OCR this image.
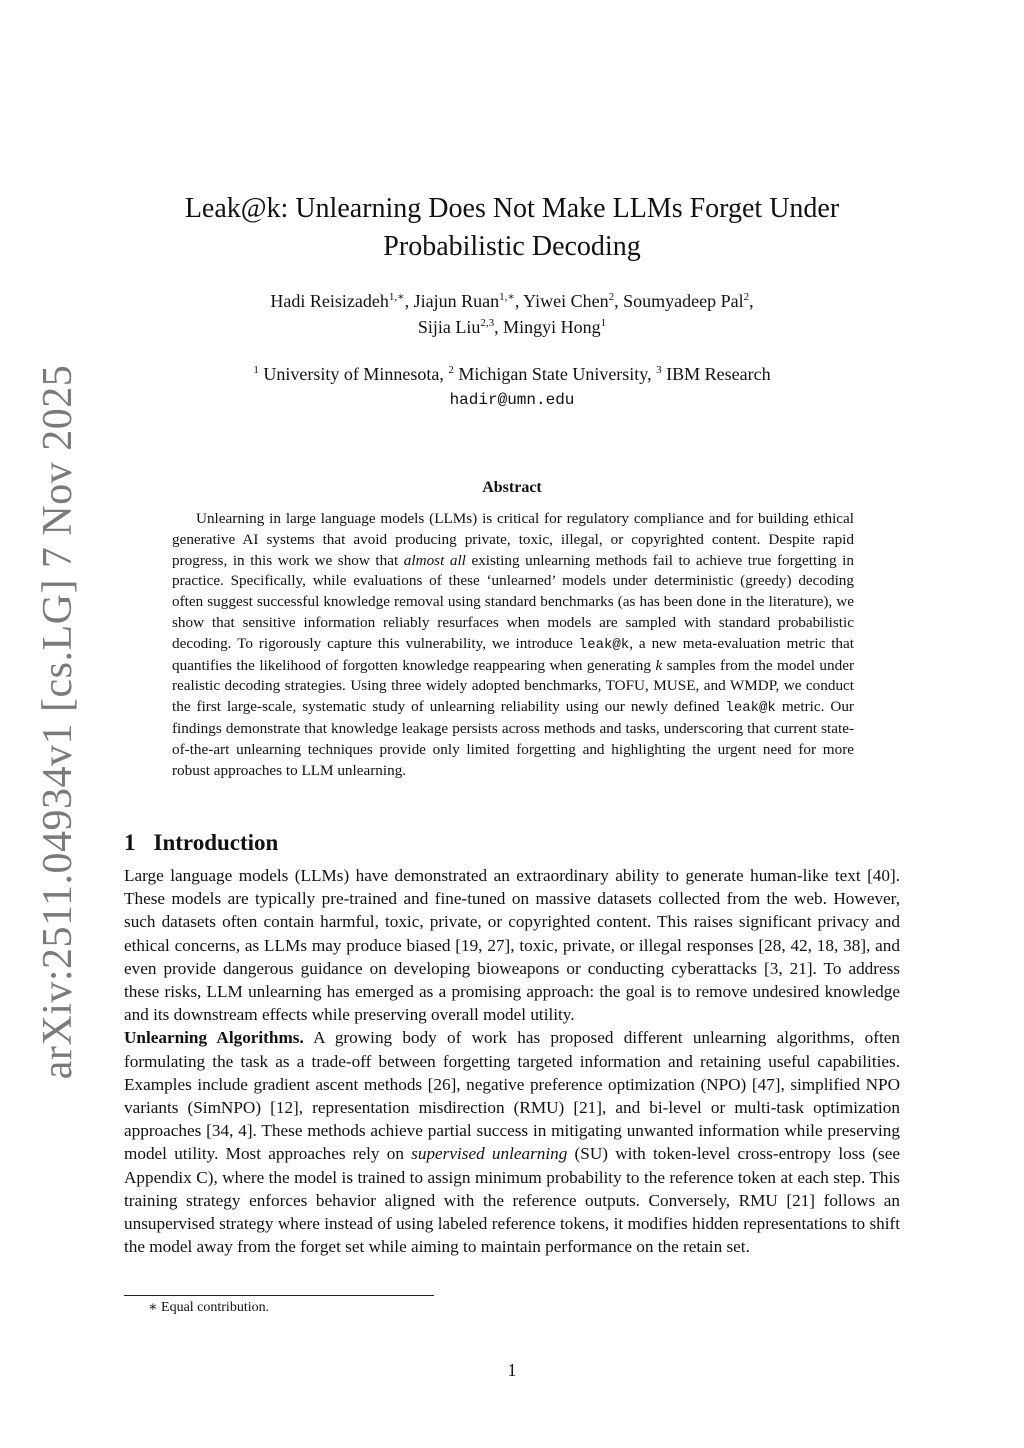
arXiv:2511.04934v1 [cs.LG] 7 Nov 2025
Leak@k: Unlearning Does Not Make LLMs Forget Under
Probabilistic Decoding
Hadi Reisizadeh$^{1,∗}$, Jiajun Ruan$^{1,∗}$, Yiwei Chen$^2$, Soumyadeep Pal$^2$,
Sijia Liu$^{2,3}$, Mingyi Hong$^1$
$^1$ University of Minnesota, $^2$ Michigan State University, $^3$ IBM Research
hadir@umn.edu
Abstract

Unlearning in large language models (LLMs) is critical for regulatory compliance and for building ethical generative AI systems that avoid producing private, toxic, illegal, or copyrighted content. Despite rapid progress, in this work we show that almost all existing unlearning methods fail to achieve true forgetting in practice. Specifically, while evaluations of these ‘unlearned’ models under deterministic (greedy) decoding often suggest successful knowledge removal using standard benchmarks (as has been done in the literature), we show that sensitive information reliably resurfaces when models are sampled with standard probabilistic decoding. To rigorously capture this vulnerability, we introduce leak@k, a new meta-evaluation metric that quantifies the likelihood of forgotten knowledge reappearing when generating k samples from the model under realistic decoding strategies. Using three widely adopted benchmarks, TOFU, MUSE, and WMDP, we conduct the first large-scale, systematic study of unlearning reliability using our newly defined leak@k metric. Our findings demonstrate that knowledge leakage persists across methods and tasks, underscoring that current state-of-the-art unlearning techniques provide only limited forgetting and highlighting the urgent need for more robust approaches to LLM unlearning.

1 Introduction

Large language models (LLMs) have demonstrated an extraordinary ability to generate human-like text [40]. These models are typically pre-trained and fine-tuned on massive datasets collected from the web. However, such datasets often contain harmful, toxic, private, or copyrighted content. This raises significant privacy and ethical concerns, as LLMs may produce biased [19, 27], toxic, private, or illegal responses [28, 42, 18, 38], and even provide dangerous guidance on developing bioweapons or conducting cyberattacks [3, 21]. To address these risks, LLM unlearning has emerged as a promising approach: the goal is to remove undesired knowledge and its downstream effects while preserving overall model utility.
Unlearning Algorithms. A growing body of work has proposed different unlearning algorithms, often formulating the task as a trade-off between forgetting targeted information and retaining useful capabilities. Examples include gradient ascent methods [26], negative preference optimization (NPO) [47], simplified NPO variants (SimNPO) [12], representation misdirection (RMU) [21], and bi-level or multi-task optimization approaches [34, 4]. These methods achieve partial success in mitigating unwanted information while preserving model utility. Most approaches rely on supervised unlearning (SU) with token-level cross-entropy loss (see Appendix C), where the model is trained to assign minimum probability to the reference token at each step. This training strategy enforces behavior aligned with the reference outputs. Conversely, RMU [21] follows an unsupervised strategy where instead of using labeled reference tokens, it modifies hidden representations to shift the model away from the forget set while aiming to maintain performance on the retain set.

∗ Equal contribution.
1
